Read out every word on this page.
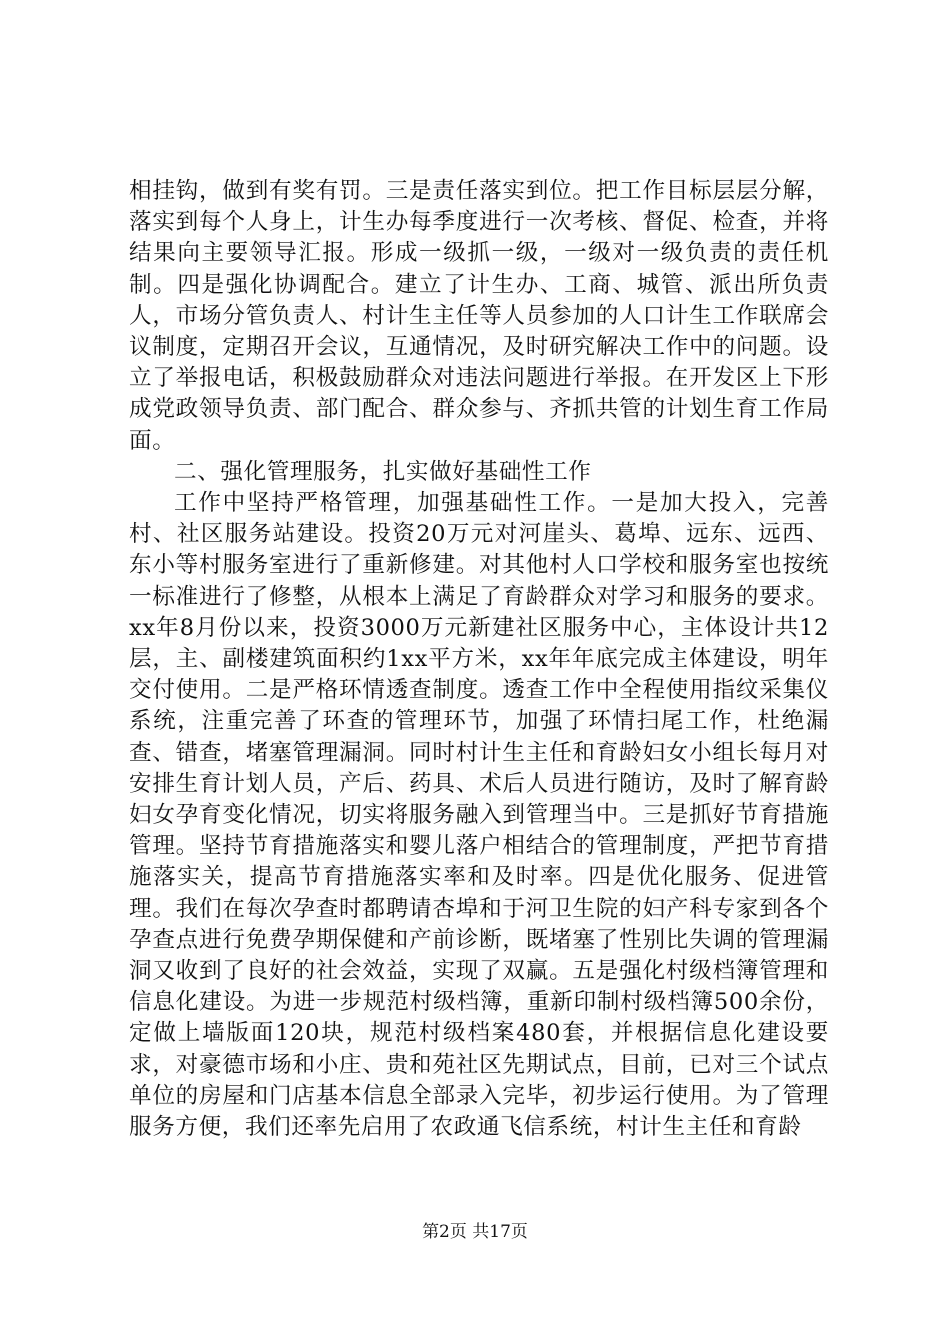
相挂钩，做到有奖有罚。三是责任落实到位。把工作目标层层分解，落实到每个人身上，计生办每季度进行一次考核、督促、检查，并将结果向主要领导汇报。形成一级抓一级，一级对一级负责的责任机制。四是强化协调配合。建立了计生办、工商、城管、派出所负责人，市场分管负责人、村计生主任等人员参加的人口计生工作联席会议制度，定期召开会议，互通情况，及时研究解决工作中的问题。设立了举报电话，积极鼓励群众对违法问题进行举报。在开发区上下形成党政领导负责、部门配合、群众参与、齐抓共管的计划生育工作局面。

二、强化管理服务，扎实做好基础性工作

工作中坚持严格管理，加强基础性工作。一是加大投入，完善村、社区服务站建设。投资20万元对河崖头、葛埠、远东、远西、东小等村服务室进行了重新修建。对其他村人口学校和服务室也按统一标准进行了修整，从根本上满足了育龄群众对学习和服务的要求。xx年8月份以来，投资3000万元新建社区服务中心，主体设计共12层，主、副楼建筑面积约1xx平方米，xx年年底完成主体建设，明年交付使用。二是严格环情透查制度。透查工作中全程使用指纹采集仪系统，注重完善了环查的管理环节，加强了环情扫尾工作，杜绝漏查、错查，堵塞管理漏洞。同时村计生主任和育龄妇女小组长每月对安排生育计划人员，产后、药具、术后人员进行随访，及时了解育龄妇女孕育变化情况，切实将服务融入到管理当中。三是抓好节育措施管理。坚持节育措施落实和婴儿落户相结合的管理制度，严把节育措施落实关，提高节育措施落实率和及时率。四是优化服务、促进管理。我们在每次孕查时都聘请杏埠和于河卫生院的妇产科专家到各个孕查点进行免费孕期保健和产前诊断，既堵塞了性别比失调的管理漏洞又收到了良好的社会效益，实现了双赢。五是强化村级档簿管理和信息化建设。为进一步规范村级档簿，重新印制村级档簿500余份，定做上墙版面120块，规范村级档案480套，并根据信息化建设要求，对豪德市场和小庄、贵和苑社区先期试点，目前，已对三个试点单位的房屋和门店基本信息全部录入完毕，初步运行使用。为了管理服务方便，我们还率先启用了农政通飞信系统，村计生主任和育龄

第2页 共17页
